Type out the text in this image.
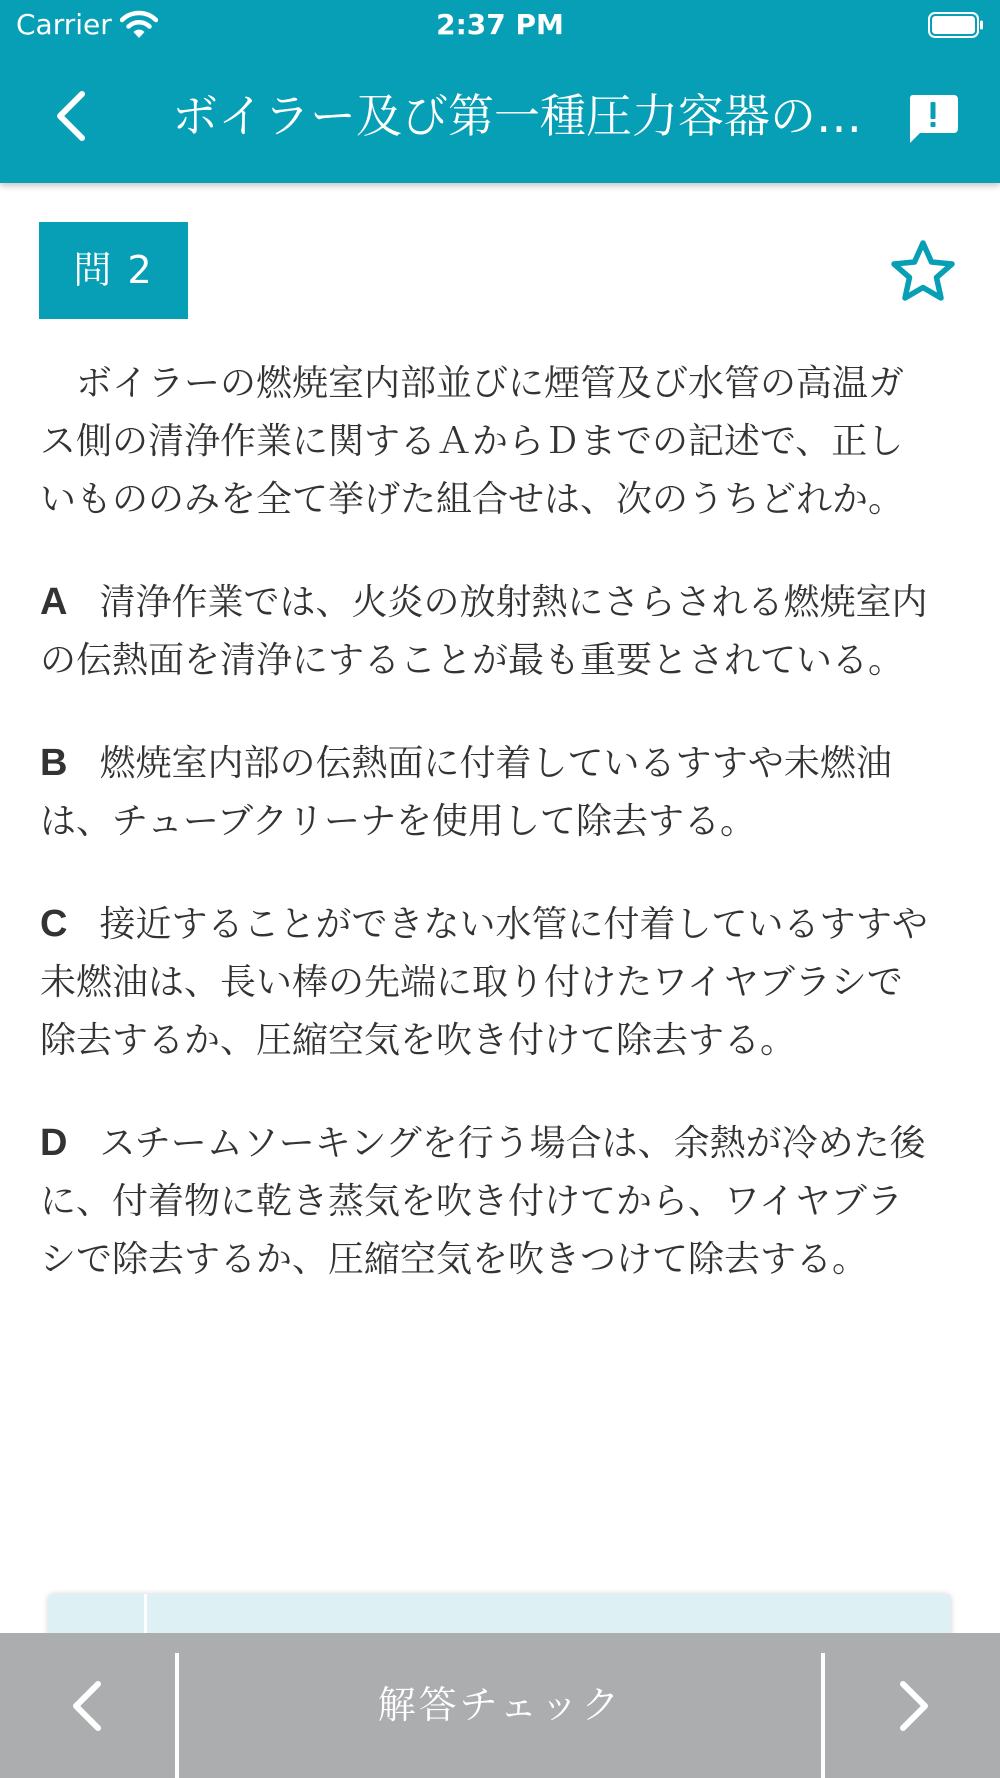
Carrier	2:37 PM
ボイラー及び第一種圧力容器の…
問 2

ボイラーの燃焼室内部並びに煙管及び水管の高温ガス側の清浄作業に関するＡからＤまでの記述で、正しいもののみを全て挙げた組合せは、次のうちどれか。

A 清浄作業では、火炎の放射熱にさらされる燃焼室内の伝熱面を清浄にすることが最も重要とされている。

B 燃焼室内部の伝熱面に付着しているすすや未燃油は、チューブクリーナを使用して除去する。

C 接近することができない水管に付着しているすすや未燃油は、長い棒の先端に取り付けたワイヤブラシで除去するか、圧縮空気を吹き付けて除去する。

D スチームソーキングを行う場合は、余熱が冷めた後に、付着物に乾き蒸気を吹き付けてから、ワイヤブラシで除去するか、圧縮空気を吹きつけて除去する。

解答チェック
